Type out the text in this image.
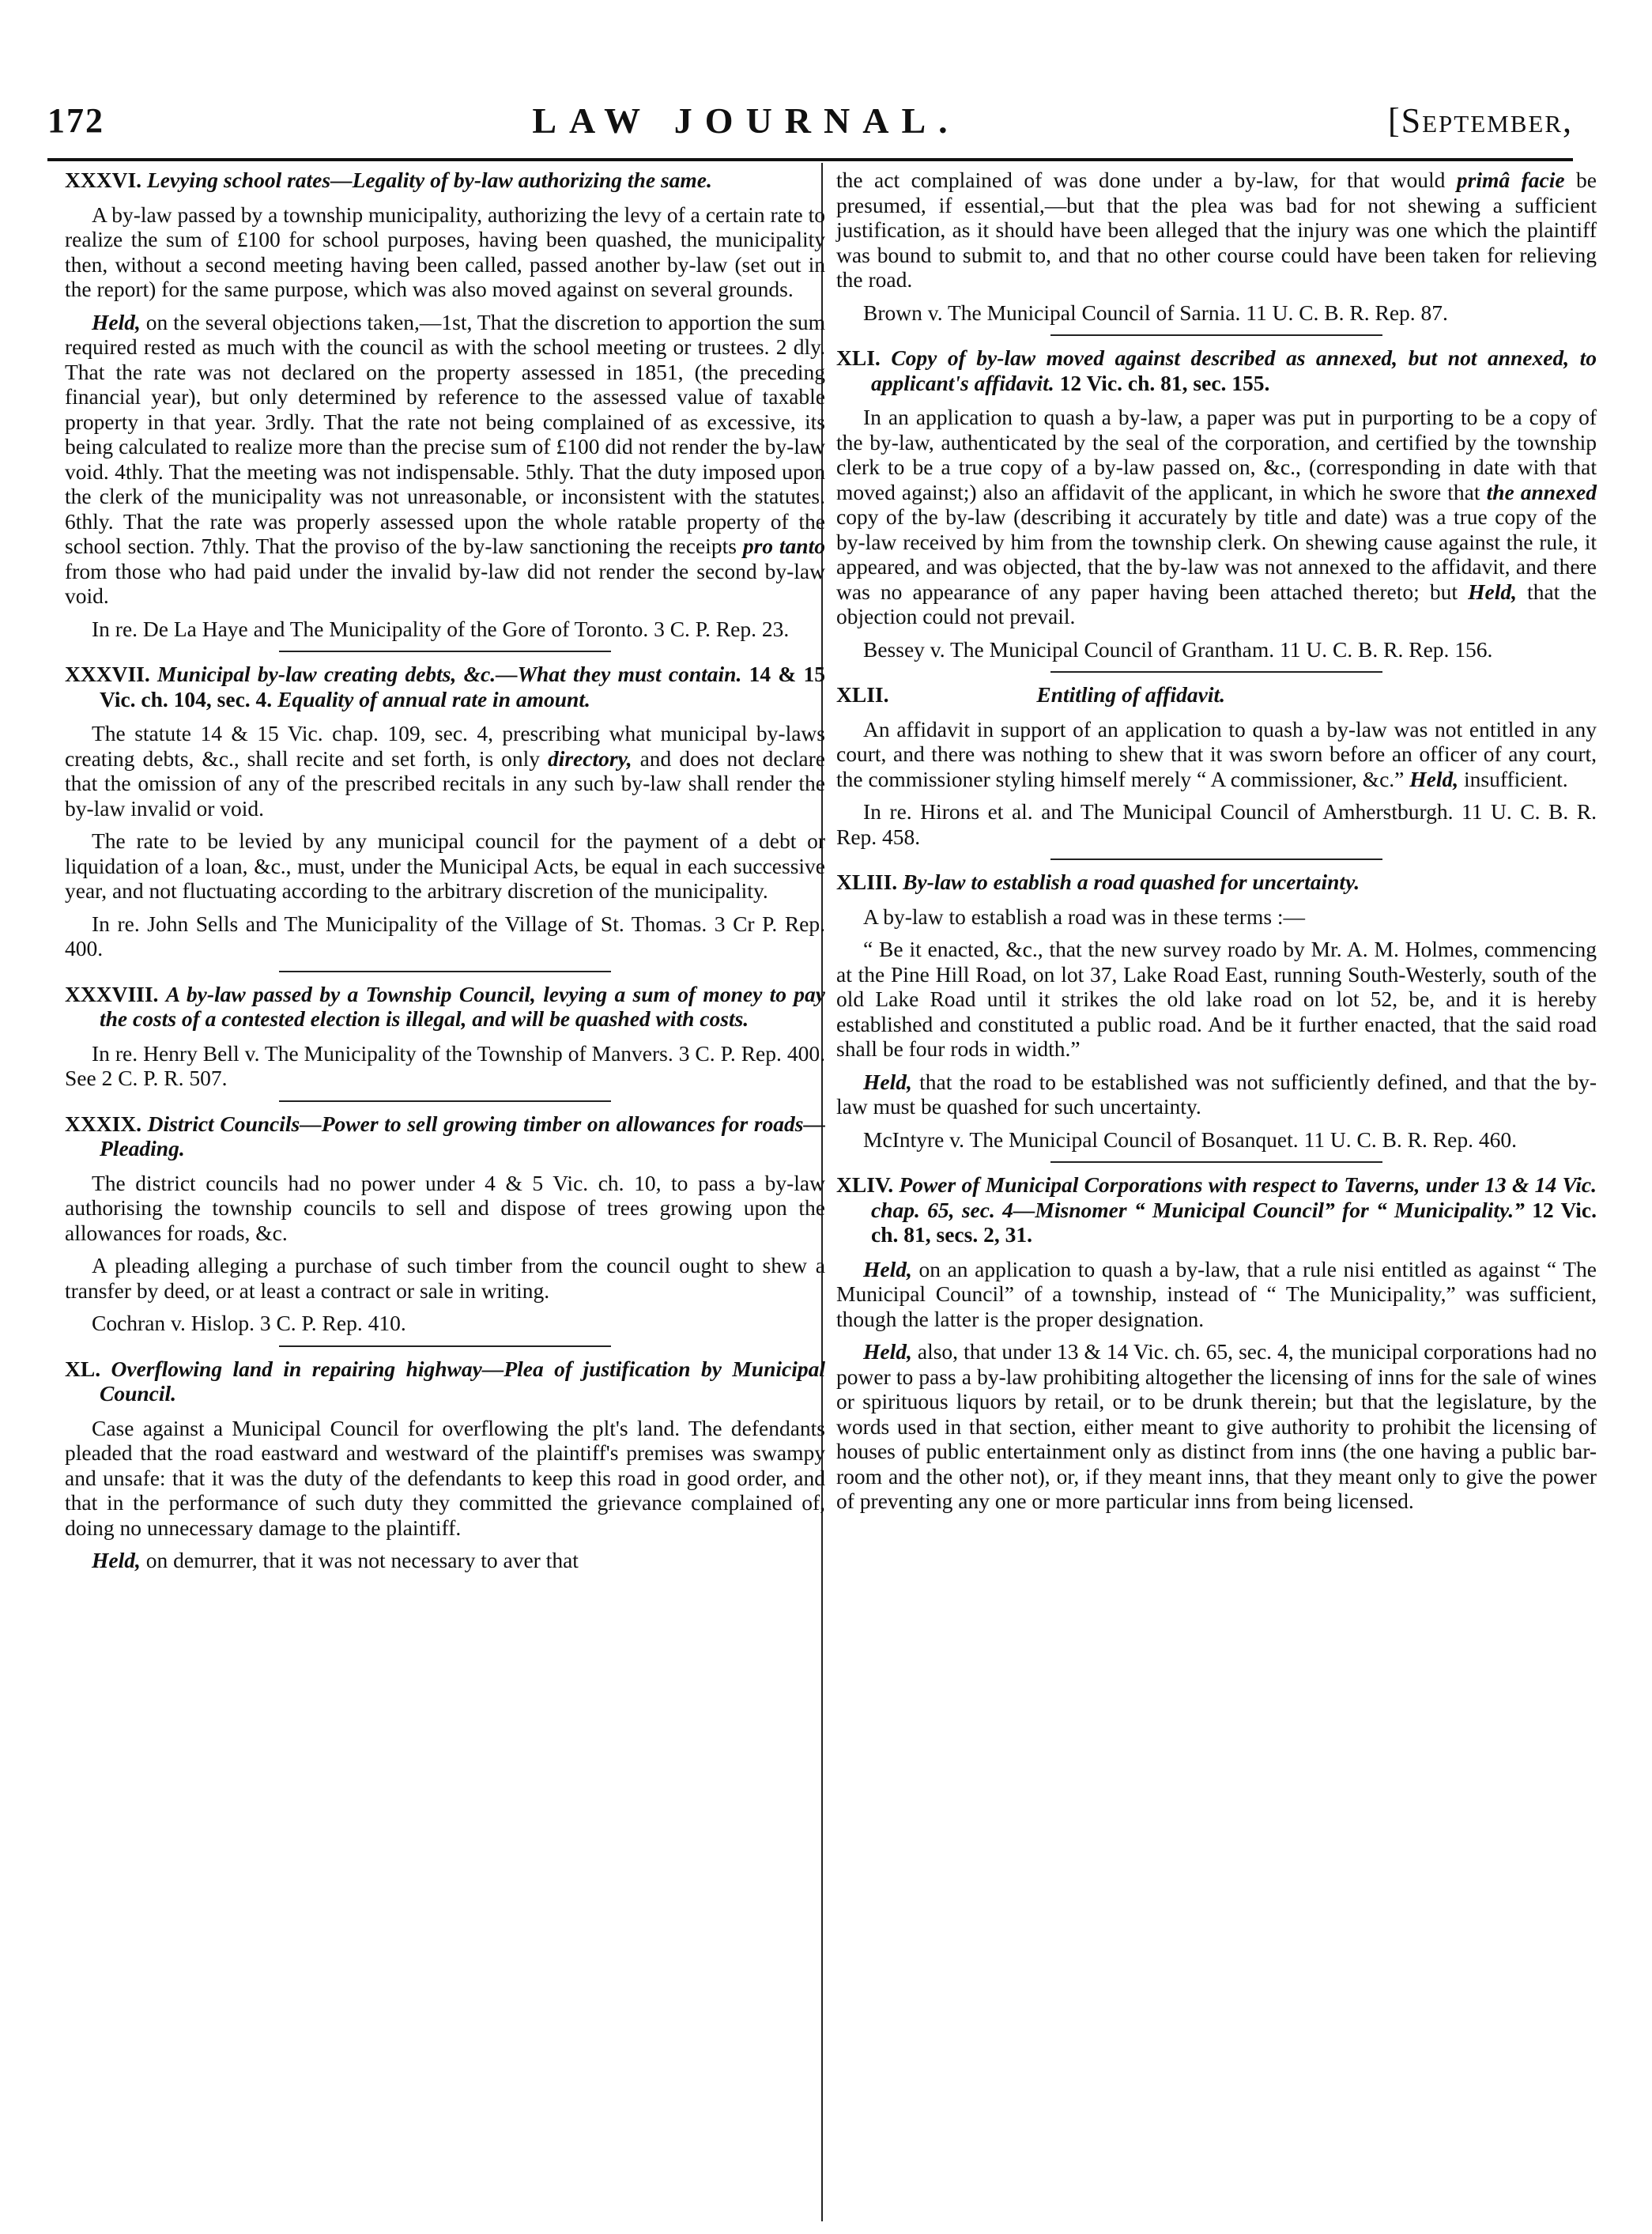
172	LAW JOURNAL.	[September,

XXXVI. Levying school rates—Legality of by-law authorizing the same.

A by-law passed by a township municipality, authorizing the levy of a certain rate to realize the sum of £100 for school purposes, having been quashed, the municipality then, without a second meeting having been called, passed another by-law (set out in the report) for the same purpose, which was also moved against on several grounds.

Held, on the several objections taken,—1st, That the discretion to apportion the sum required rested as much with the council as with the school meeting or trustees. 2 dly. That the rate was not declared on the property assessed in 1851, (the preceding financial year), but only determined by reference to the assessed value of taxable property in that year. 3rdly. That the rate not being complained of as excessive, its being calculated to realize more than the precise sum of £100 did not render the by-law void. 4thly. That the meeting was not indispensable. 5thly. That the duty imposed upon the clerk of the municipality was not unreasonable, or inconsistent with the statutes. 6thly. That the rate was properly assessed upon the whole ratable property of the school section. 7thly. That the proviso of the by-law sanctioning the receipts pro tanto from those who had paid under the invalid by-law did not render the second by-law void.

In re. De La Haye and The Municipality of the Gore of Toronto. 3 C. P. Rep. 23.

XXXVII. Municipal by-law creating debts, &c.—What they must contain. 14 & 15 Vic. ch. 104, sec. 4. Equality of annual rate in amount.

The statute 14 & 15 Vic. chap. 109, sec. 4, prescribing what municipal by-laws creating debts, &c., shall recite and set forth, is only directory, and does not declare that the omission of any of the prescribed recitals in any such by-law shall render the by-law invalid or void.

The rate to be levied by any municipal council for the payment of a debt or liquidation of a loan, &c., must, under the Municipal Acts, be equal in each successive year, and not fluctuating according to the arbitrary discretion of the municipality.

In re. John Sells and The Municipality of the Village of St. Thomas. 3 Cr P. Rep. 400.

XXXVIII. A by-law passed by a Township Council, levying a sum of money to pay the costs of a contested election is illegal, and will be quashed with costs.

In re. Henry Bell v. The Municipality of the Township of Manvers. 3 C. P. Rep. 400. See 2 C. P. R. 507.

XXXIX. District Councils—Power to sell growing timber on allowances for roads—Pleading.

The district councils had no power under 4 & 5 Vic. ch. 10, to pass a by-law authorising the township councils to sell and dispose of trees growing upon the allowances for roads, &c.

A pleading alleging a purchase of such timber from the council ought to shew a transfer by deed, or at least a contract or sale in writing.

Cochran v. Hislop. 3 C. P. Rep. 410.

XL. Overflowing land in repairing highway—Plea of justification by Municipal Council.

Case against a Municipal Council for overflowing the plt's land. The defendants pleaded that the road eastward and westward of the plaintiff's premises was swampy and unsafe: that it was the duty of the defendants to keep this road in good order, and that in the performance of such duty they committed the grievance complained of, doing no unnecessary damage to the plaintiff.

Held, on demurrer, that it was not necessary to aver that

the act complained of was done under a by-law, for that would primâ facie be presumed, if essential,—but that the plea was bad for not shewing a sufficient justification, as it should have been alleged that the injury was one which the plaintiff was bound to submit to, and that no other course could have been taken for relieving the road.

Brown v. The Municipal Council of Sarnia. 11 U. C. B. R. Rep. 87.

XLI. Copy of by-law moved against described as annexed, but not annexed, to applicant's affidavit. 12 Vic. ch. 81, sec. 155.

In an application to quash a by-law, a paper was put in purporting to be a copy of the by-law, authenticated by the seal of the corporation, and certified by the township clerk to be a true copy of a by-law passed on, &c., (corresponding in date with that moved against;) also an affidavit of the applicant, in which he swore that the annexed copy of the by-law (describing it accurately by title and date) was a true copy of the by-law received by him from the township clerk. On shewing cause against the rule, it appeared, and was objected, that the by-law was not annexed to the affidavit, and there was no appearance of any paper having been attached thereto; but Held, that the objection could not prevail.

Bessey v. The Municipal Council of Grantham. 11 U. C. B. R. Rep. 156.

XLII.	Entitling of affidavit.

An affidavit in support of an application to quash a by-law was not entitled in any court, and there was nothing to shew that it was sworn before an officer of any court, the commissioner styling himself merely “ A commissioner, &c.” Held, insufficient.

In re. Hirons et al. and The Municipal Council of Amherstburgh. 11 U. C. B. R. Rep. 458.

XLIII. By-law to establish a road quashed for uncertainty.

A by-law to establish a road was in these terms :—

“ Be it enacted, &c., that the new survey roado by Mr. A. M. Holmes, commencing at the Pine Hill Road, on lot 37, Lake Road East, running South-Westerly, south of the old Lake Road until it strikes the old lake road on lot 52, be, and it is hereby established and constituted a public road. And be it further enacted, that the said road shall be four rods in width.”

Held, that the road to be established was not sufficiently defined, and that the by-law must be quashed for such uncertainty.

McIntyre v. The Municipal Council of Bosanquet. 11 U. C. B. R. Rep. 460.

XLIV. Power of Municipal Corporations with respect to Taverns, under 13 & 14 Vic. chap. 65, sec. 4—Misnomer “ Municipal Council” for “ Municipality.” 12 Vic. ch. 81, secs. 2, 31.

Held, on an application to quash a by-law, that a rule nisi entitled as against “ The Municipal Council” of a township, instead of “ The Municipality,” was sufficient, though the latter is the proper designation.

Held, also, that under 13 & 14 Vic. ch. 65, sec. 4, the municipal corporations had no power to pass a by-law prohibiting altogether the licensing of inns for the sale of wines or spirituous liquors by retail, or to be drunk therein; but that the legislature, by the words used in that section, either meant to give authority to prohibit the licensing of houses of public entertainment only as distinct from inns (the one having a public bar-room and the other not), or, if they meant inns, that they meant only to give the power of preventing any one or more particular inns from being licensed.
